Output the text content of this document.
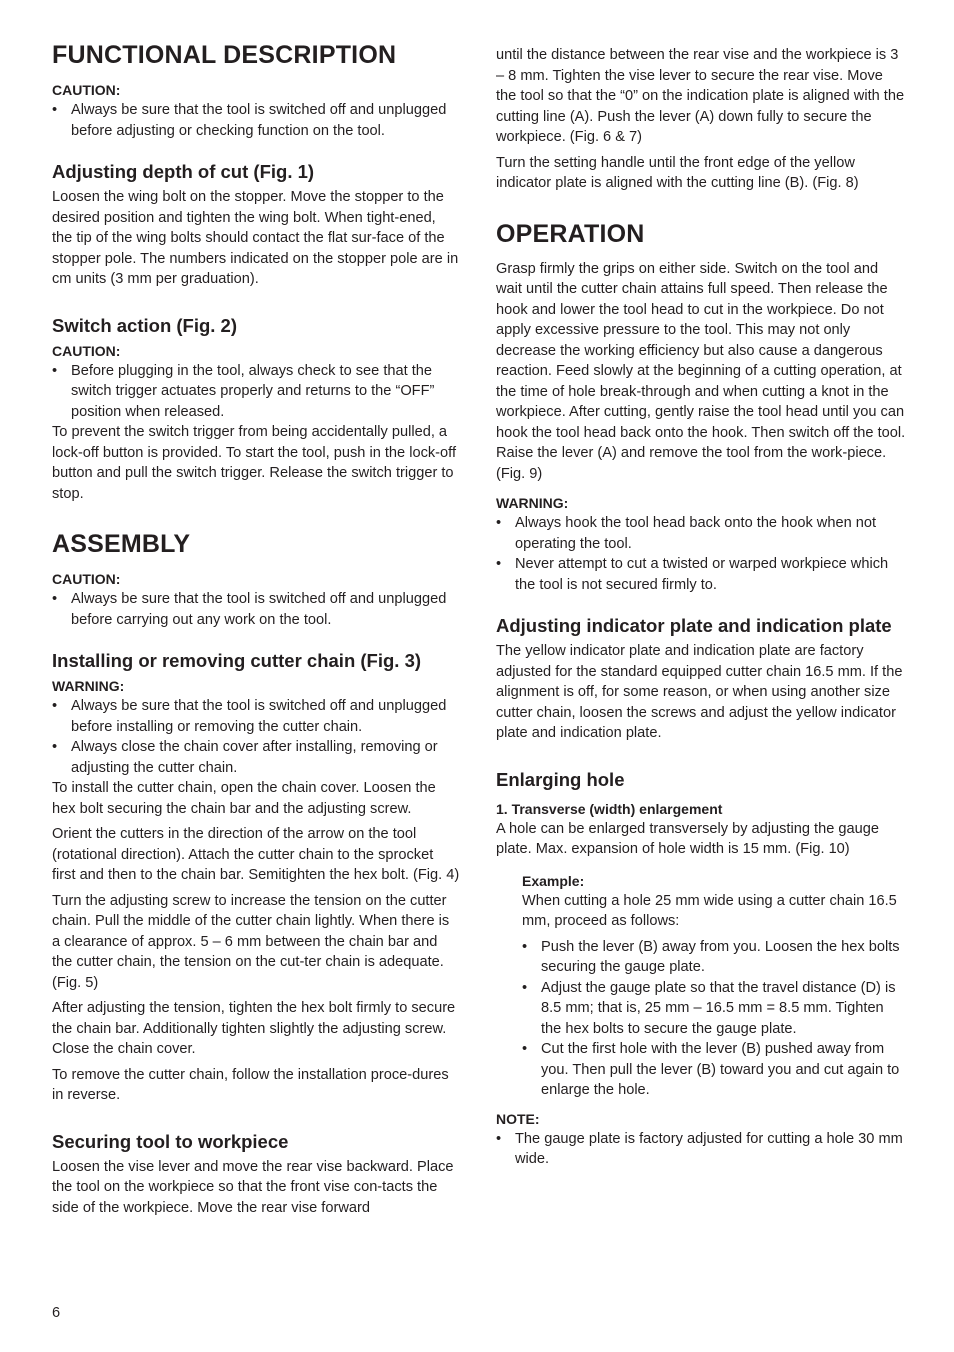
FUNCTIONAL DESCRIPTION
CAUTION:
• Always be sure that the tool is switched off and unplugged before adjusting or checking function on the tool.
Adjusting depth of cut (Fig. 1)

Loosen the wing bolt on the stopper. Move the stopper to the desired position and tighten the wing bolt. When tight-ened, the tip of the wing bolts should contact the flat sur-face of the stopper pole. The numbers indicated on the stopper pole are in cm units (3 mm per graduation).

Switch action (Fig. 2)
CAUTION:
• Before plugging in the tool, always check to see that the switch trigger actuates properly and returns to the “OFF” position when released.

To prevent the switch trigger from being accidentally pulled, a lock-off button is provided. To start the tool, push in the lock-off button and pull the switch trigger. Release the switch trigger to stop.

ASSEMBLY
CAUTION:
• Always be sure that the tool is switched off and unplugged before carrying out any work on the tool.
Installing or removing cutter chain (Fig. 3)
WARNING:
• Always be sure that the tool is switched off and unplugged before installing or removing the cutter chain.
• Always close the chain cover after installing, removing or adjusting the cutter chain.

To install the cutter chain, open the chain cover. Loosen the hex bolt securing the chain bar and the adjusting screw.

Orient the cutters in the direction of the arrow on the tool (rotational direction). Attach the cutter chain to the sprocket first and then to the chain bar. Semitighten the hex bolt. (Fig. 4)

Turn the adjusting screw to increase the tension on the cutter chain. Pull the middle of the cutter chain lightly. When there is a clearance of approx. 5 – 6 mm between the chain bar and the cutter chain, the tension on the cut-ter chain is adequate. (Fig. 5)

After adjusting the tension, tighten the hex bolt firmly to secure the chain bar. Additionally tighten slightly the adjusting screw. Close the chain cover.

To remove the cutter chain, follow the installation proce-dures in reverse.

Securing tool to workpiece

Loosen the vise lever and move the rear vise backward. Place the tool on the workpiece so that the front vise con-tacts the side of the workpiece. Move the rear vise forward

until the distance between the rear vise and the workpiece is 3 – 8 mm. Tighten the vise lever to secure the rear vise. Move the tool so that the “0” on the indication plate is aligned with the cutting line (A). Push the lever (A) down fully to secure the workpiece. (Fig. 6 & 7)

Turn the setting handle until the front edge of the yellow indicator plate is aligned with the cutting line (B). (Fig. 8)

OPERATION

Grasp firmly the grips on either side. Switch on the tool and wait until the cutter chain attains full speed. Then release the hook and lower the tool head to cut in the workpiece. Do not apply excessive pressure to the tool. This may not only decrease the working efficiency but also cause a dangerous reaction. Feed slowly at the beginning of a cutting operation, at the time of hole break-through and when cutting a knot in the workpiece. After cutting, gently raise the tool head until you can hook the tool head back onto the hook. Then switch off the tool. Raise the lever (A) and remove the tool from the work-piece. (Fig. 9)

WARNING:
• Always hook the tool head back onto the hook when not operating the tool.
• Never attempt to cut a twisted or warped workpiece which the tool is not secured firmly to.
Adjusting indicator plate and indication plate

The yellow indicator plate and indication plate are factory adjusted for the standard equipped cutter chain 16.5 mm. If the alignment is off, for some reason, or when using another size cutter chain, loosen the screws and adjust the yellow indicator plate and indication plate.

Enlarging hole
1. Transverse (width) enlargement

A hole can be enlarged transversely by adjusting the gauge plate. Max. expansion of hole width is 15 mm. (Fig. 10)

Example:

When cutting a hole 25 mm wide using a cutter chain 16.5 mm, proceed as follows:

• Push the lever (B) away from you. Loosen the hex bolts securing the gauge plate.
• Adjust the gauge plate so that the travel distance (D) is 8.5 mm; that is, 25 mm – 16.5 mm = 8.5 mm. Tighten the hex bolts to secure the gauge plate.
• Cut the first hole with the lever (B) pushed away from you. Then pull the lever (B) toward you and cut again to enlarge the hole.
NOTE:
• The gauge plate is factory adjusted for cutting a hole 30 mm wide.
6
